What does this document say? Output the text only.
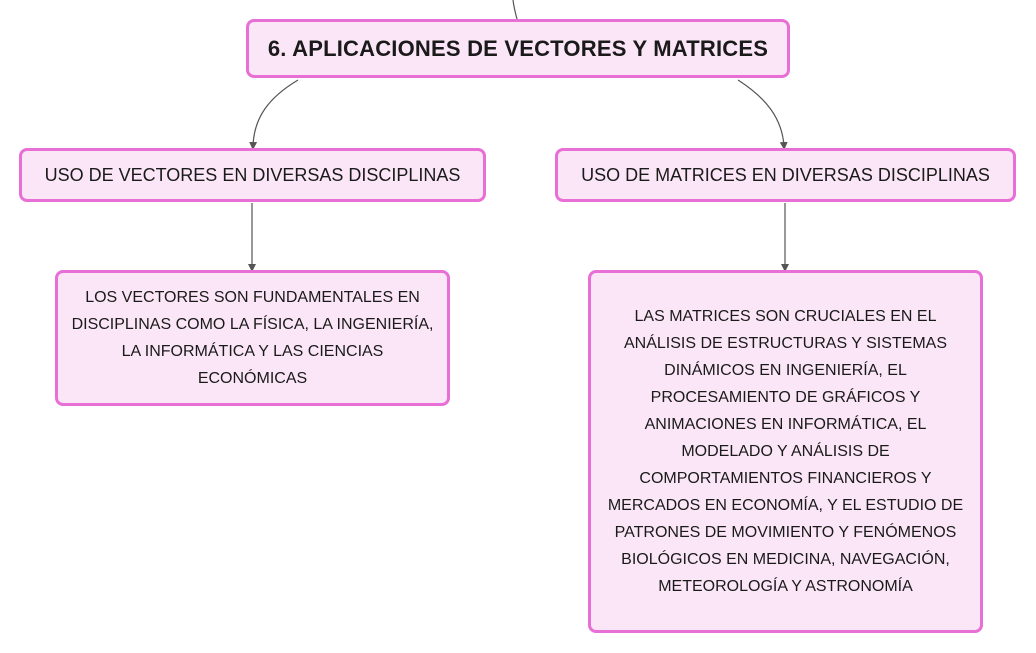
6. APLICACIONES DE VECTORES Y MATRICES
USO DE VECTORES EN DIVERSAS DISCIPLINAS	USO DE MATRICES EN DIVERSAS DISCIPLINAS
LOS VECTORES SON FUNDAMENTALES EN DISCIPLINAS COMO LA FÍSICA, LA INGENIERÍA, LA INFORMÁTICA Y LAS CIENCIAS ECONÓMICAS
LAS MATRICES SON CRUCIALES EN EL ANÁLISIS DE ESTRUCTURAS Y SISTEMAS DINÁMICOS EN INGENIERÍA, EL PROCESAMIENTO DE GRÁFICOS Y ANIMACIONES EN INFORMÁTICA, EL MODELADO Y ANÁLISIS DE COMPORTAMIENTOS FINANCIEROS Y MERCADOS EN ECONOMÍA, Y EL ESTUDIO DE PATRONES DE MOVIMIENTO Y FENÓMENOS BIOLÓGICOS EN MEDICINA, NAVEGACIÓN, METEOROLOGÍA Y ASTRONOMÍA
